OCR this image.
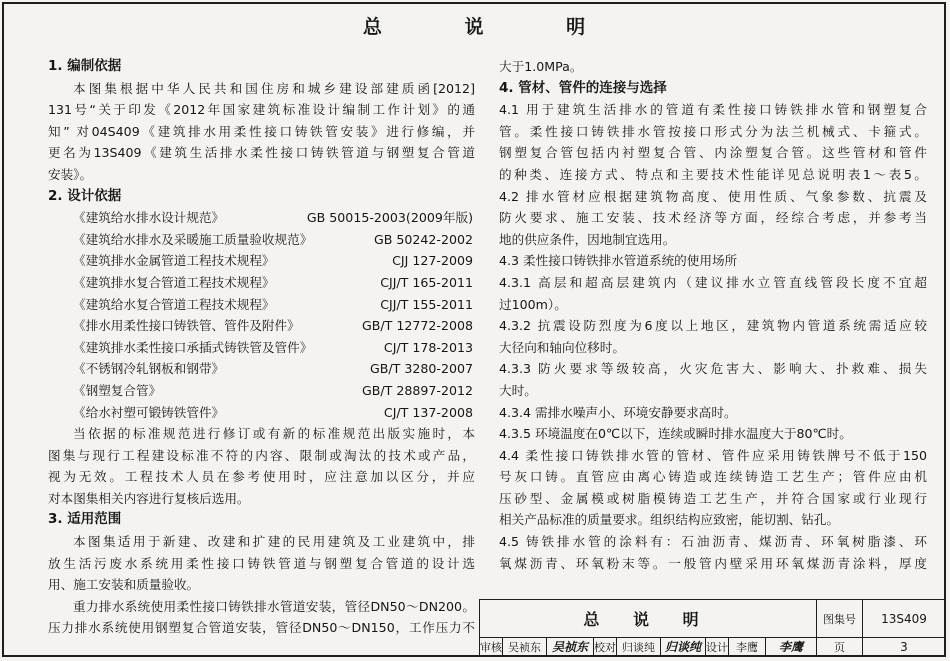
总 说 明
1. 编制依据
本图集根据中华人民共和国住房和城乡建设部建质函[2012]
131号“关于印发《2012年国家建筑标准设计编制工作计划》的通
知” 对04S409《建筑排水用柔性接口铸铁管安装》进行修编，并
更名为13S409《建筑生活排水柔性接口铸铁管道与钢塑复合管道
安装》。
2. 设计依据
《建筑给水排水设计规范》	GB 50015-2003(2009年版)
《建筑给水排水及采暖施工质量验收规范》	GB 50242-2002
《建筑排水金属管道工程技术规程》	CJJ 127-2009
《建筑排水复合管道工程技术规程》	CJJ/T 165-2011
《建筑给水复合管道工程技术规程》	CJJ/T 155-2011
《排水用柔性接口铸铁管、管件及附件》	GB/T 12772-2008
《建筑排水柔性接口承插式铸铁管及管件》	CJ/T 178-2013
《不锈钢冷轧钢板和钢带》	GB/T 3280-2007
《钢塑复合管》	GB/T 28897-2012
《给水衬塑可锻铸铁管件》	CJ/T 137-2008
当依据的标准规范进行修订或有新的标准规范出版实施时，本
图集与现行工程建设标准不符的内容、限制或淘汰的技术或产品，
视为无效。工程技术人员在参考使用时，应注意加以区分，并应
对本图集相关内容进行复核后选用。
3. 适用范围
本图集适用于新建、改建和扩建的民用建筑及工业建筑中，排
放生活污废水系统用柔性接口铸铁管道与钢塑复合管道的设计选
用、施工安装和质量验收。
重力排水系统使用柔性接口铸铁排水管道安装，管径DN50～DN200。
压力排水系统使用钢塑复合管道安装，管径DN50～DN150，工作压力不
大于1.0MPa。
4. 管材、管件的连接与选择
4.1 用于建筑生活排水的管道有柔性接口铸铁排水管和钢塑复合
管。柔性接口铸铁排水管按接口形式分为法兰机械式、卡箍式。
钢塑复合管包括内衬塑复合管、内涂塑复合管。这些管材和管件
的种类、连接方式、特点和主要技术性能详见总说明表1～表5。
4.2 排水管材应根据建筑物高度、使用性质、气象参数、抗震及
防火要求、施工安装、技术经济等方面，经综合考虑，并参考当
地的供应条件，因地制宜选用。
4.3 柔性接口铸铁排水管道系统的使用场所
4.3.1 高层和超高层建筑内（建议排水立管直线管段长度不宜超
过100m）。
4.3.2 抗震设防烈度为6度以上地区，建筑物内管道系统需适应较
大径向和轴向位移时。
4.3.3 防火要求等级较高，火灾危害大、影响大、扑救难、损失
大时。
4.3.4 需排水噪声小、环境安静要求高时。
4.3.5 环境温度在0℃以下，连续或瞬时排水温度大于80℃时。
4.4 柔性接口铸铁排水管的管材、管件应采用铸铁牌号不低于150
号灰口铸。直管应由离心铸造或连续铸造工艺生产；管件应由机
压砂型、金属模或树脂模铸造工艺生产，并符合国家或行业现行
相关产品标准的质量要求。组织结构应致密，能切割、钻孔。
4.5 铸铁排水管的涂料有：石油沥青、煤沥青、环氧树脂漆、环
氧煤沥青、环氧粉末等。一般管内壁采用环氧煤沥青涂料，厚度
总 说 明	图集号	13S409
审核 吴祯东 吴祯东 校对 归谈纯 归谈纯 设计 李鹰	李鹰	页	3
